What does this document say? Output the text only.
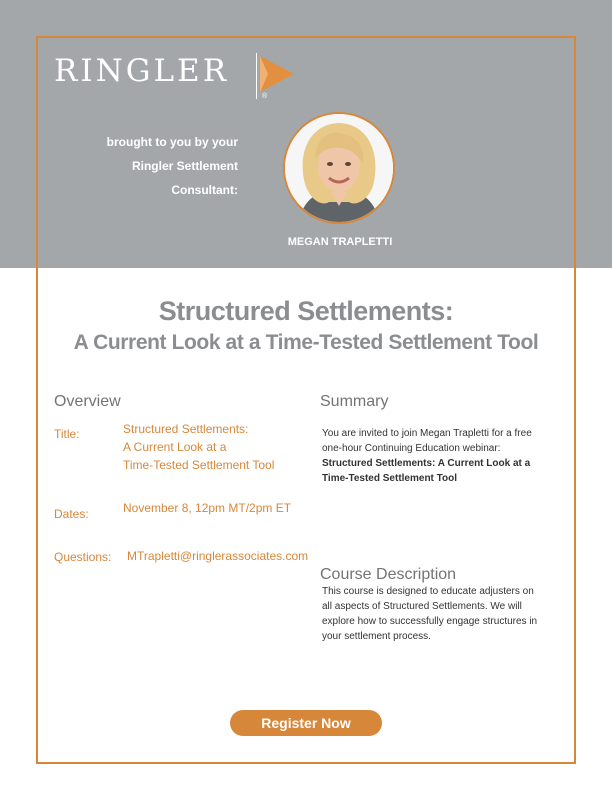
RINGLER
®
brought to you by your
Ringler Settlement
Consultant:
MEGAN TRAPLETTI
Structured Settlements:
A Current Look at a Time-Tested Settlement Tool
Overview
Title:	Structured Settlements:
A Current Look at a
Time-Tested Settlement Tool
Dates:	November 8, 12pm MT/2pm ET
Questions: MTrapletti@ringlerassociates.com
Summary
You are invited to join Megan Trapletti for a free
one-hour Continuing Education webinar:
Structured Settlements: A Current Look at a
Time-Tested Settlement Tool
Course Description
This course is designed to educate adjusters on
all aspects of Structured Settlements. We will
explore how to successfully engage structures in
your settlement process.
Register Now
